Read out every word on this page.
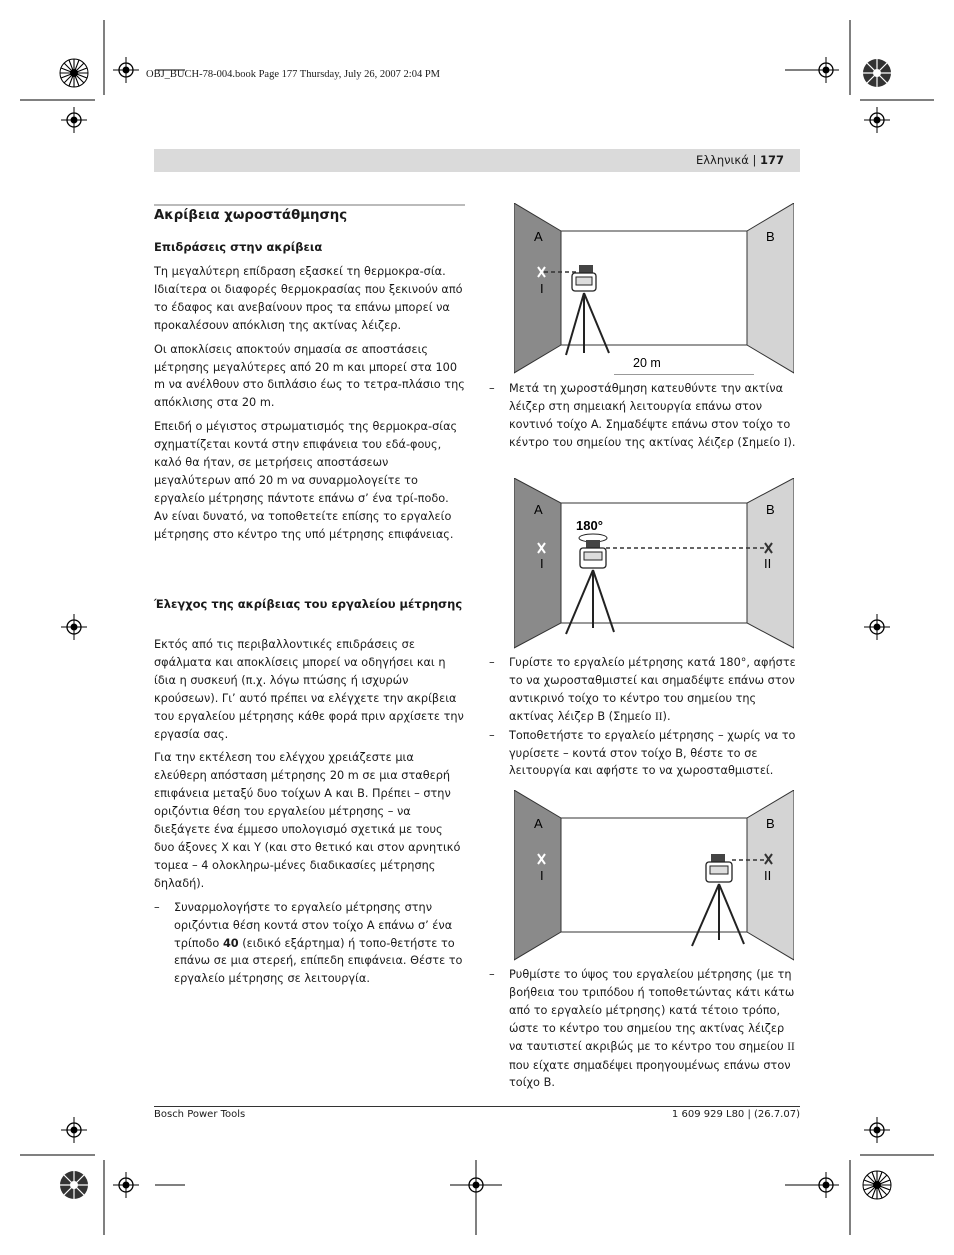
OBJ_BUCH-78-004.book Page 177 Thursday, July 26, 2007 2:04 PM
Ελληνικά | 177
Ακρίβεια χωροστάθμησης
Επιδράσεις στην ακρίβεια

Τη μεγαλύτερη επίδραση εξασκεί τη θερμοκρα-σία. Ιδιαίτερα οι διαφορές θερμοκρασίας που ξεκινούν από το έδαφος και ανεβαίνουν προς τα επάνω μπορεί να προκαλέσουν απόκλιση της ακτίνας λέιζερ.

Οι αποκλίσεις αποκτούν σημασία σε αποστάσεις μέτρησης μεγαλύτερες από 20 m και μπορεί στα 100 m να ανέλθουν στο διπλάσιο έως το τετρα-πλάσιο της απόκλισης στα 20 m.

Επειδή ο μέγιστος στρωματισμός της θερμοκρα-σίας σχηματίζεται κοντά στην επιφάνεια του εδά-φους, καλό θα ήταν, σε μετρήσεις αποστάσεων μεγαλύτερων από 20 m να συναρμολογείτε το εργαλείο μέτρησης πάντοτε επάνω σ’ ένα τρί-ποδο. Αν είναι δυνατό, να τοποθετείτε επίσης το εργαλείο μέτρησης στο κέντρο της υπό μέτρησης επιφάνειας.

Έλεγχος της ακρίβειας του εργαλείου μέτρησης

Εκτός από τις περιβαλλοντικές επιδράσεις σε σφάλματα και αποκλίσεις μπορεί να οδηγήσει και η ίδια η συσκευή (π.χ. λόγω πτώσης ή ισχυρών κρούσεων). Γι’ αυτό πρέπει να ελέγχετε την ακρίβεια του εργαλείου μέτρησης κάθε φορά πριν αρχίσετε την εργασία σας.

Για την εκτέλεση του ελέγχου χρειάζεστε μια ελεύθερη απόσταση μέτρησης 20 m σε μια σταθερή επιφάνεια μεταξύ δυο τοίχων A και B. Πρέπει – στην οριζόντια θέση του εργαλείου μέτρησης – να διεξάγετε ένα έμμεσο υπολογισμό σχετικά με τους δυο άξονες X και Y (και στο θετικό και στον αρνητικό τομεα – 4 ολοκληρω-μένες διαδικασίες μέτρησης δηλαδή).

–	Συναρμολογήστε το εργαλείο μέτρησης στην οριζόντια θέση κοντά στον τοίχο A επάνω σ’ ένα τρίποδο 40 (ειδικό εξάρτημα) ή τοπο-θετήστε το επάνω σε μια στερεή, επίπεδη επιφάνεια. Θέστε το εργαλείο μέτρησης σε λειτουργία.
A	B
I
20 m
–	Μετά τη χωροστάθμηση κατευθύντε την ακτίνα λέιζερ στη σημειακή λειτουργία επάνω στον κοντινό τοίχο A. Σημαδέψτε επάνω στον τοίχο το κέντρο του σημείου της ακτίνας λέιζερ (Σημείο I).
A	B
180°
I	II
–	Γυρίστε το εργαλείο μέτρησης κατά 180°, αφήστε το να χωροσταθμιστεί και σημαδέψτε επάνω στον αντικρινό τοίχο το κέντρο του σημείου της ακτίνας λέιζερ B (Σημείο II).
–	Τοποθετήστε το εργαλείο μέτρησης – χωρίς να το γυρίσετε – κοντά στον τοίχο B, θέστε το σε λειτουργία και αφήστε το να χωροσταθμιστεί.
A	B
I	II
–	Ρυθμίστε το ύψος του εργαλείου μέτρησης (με τη βοήθεια του τριπόδου ή τοποθετώντας κάτι κάτω από το εργαλείο μέτρησης) κατά τέτοιο τρόπο, ώστε το κέντρο του σημείου της ακτίνας λέιζερ να ταυτιστεί ακριβώς με το κέντρο του σημείου II που είχατε σημαδέψει προηγουμένως επάνω στον τοίχο B.
Bosch Power Tools	1 609 929 L80 | (26.7.07)
